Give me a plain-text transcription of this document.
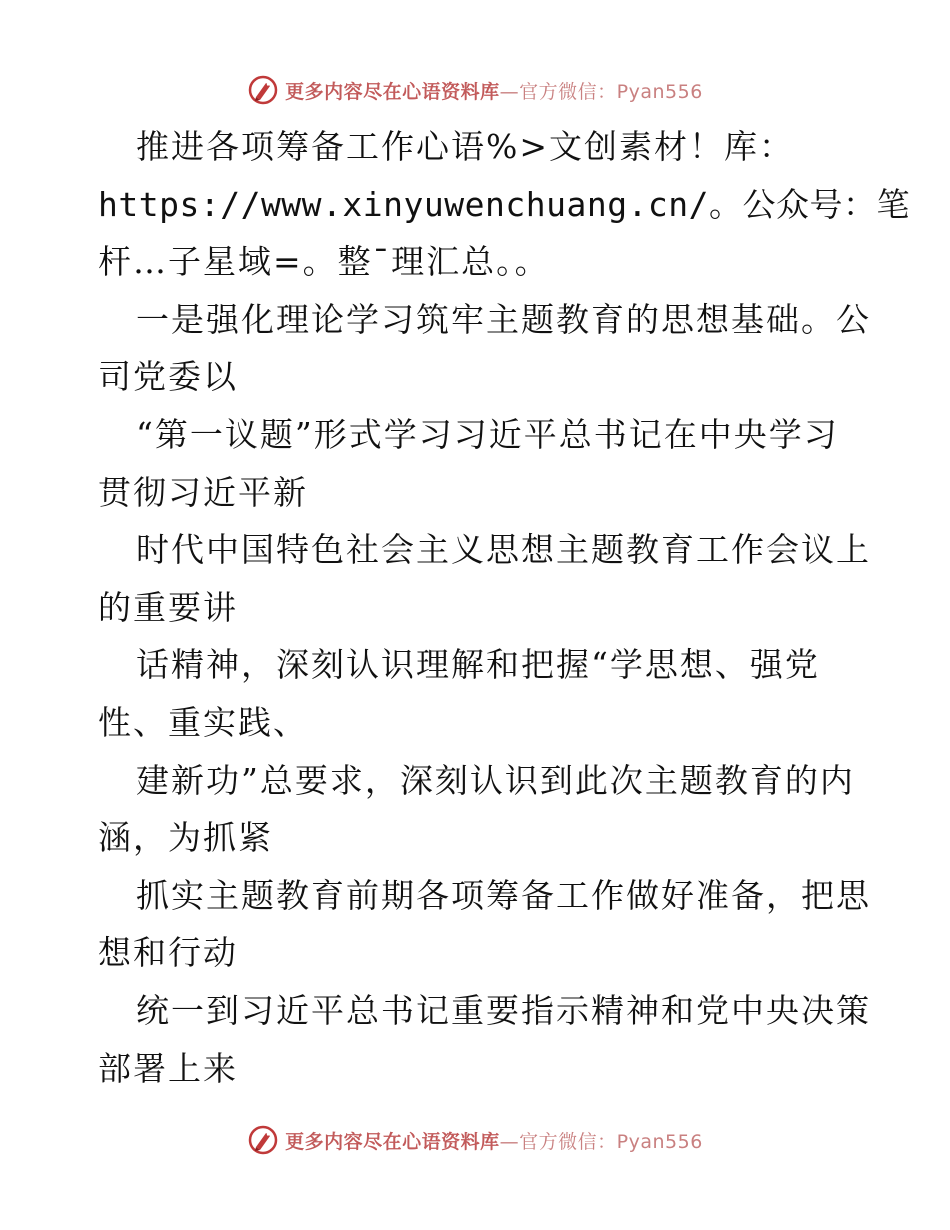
更多内容尽在心语资料库—官方微信：Pyan556
推进各项筹备工作心语%>文创素材！库：
https://www.xinyuwenchuang.cn/。公众号：笔
杆…子星域=。整¯理汇总。。
一是强化理论学习筑牢主题教育的思想基础。公
司党委以
“第一议题”形式学习习近平总书记在中央学习
贯彻习近平新
时代中国特色社会主义思想主题教育工作会议上
的重要讲
话精神，深刻认识理解和把握“学思想、强党
性、重实践、
建新功”总要求，深刻认识到此次主题教育的内
涵，为抓紧
抓实主题教育前期各项筹备工作做好准备，把思
想和行动
统一到习近平总书记重要指示精神和党中央决策
部署上来
更多内容尽在心语资料库—官方微信：Pyan556
